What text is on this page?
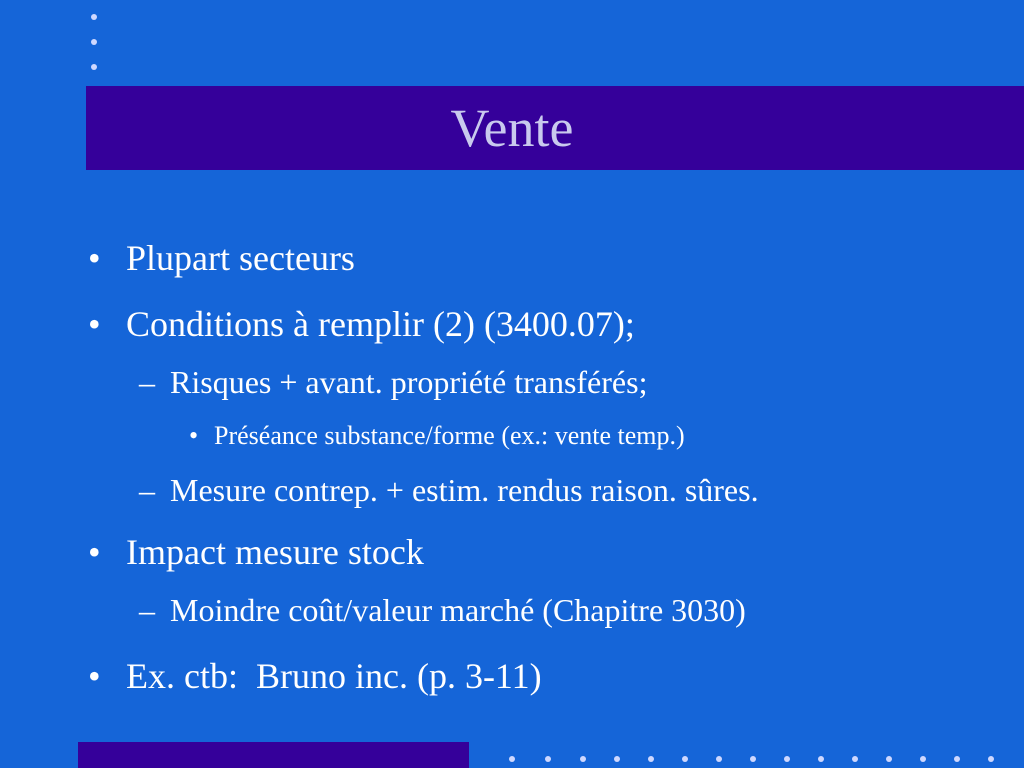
Vente
• Plupart secteurs
• Conditions à remplir (2) (3400.07);
– Risques + avant. propriété transférés;
• Préséance substance/forme (ex.: vente temp.)
– Mesure contrep. + estim. rendus raison. sûres.
• Impact mesure stock
– Moindre coût/valeur marché (Chapitre 3030)
• Ex. ctb:  Bruno inc. (p. 3-11)
